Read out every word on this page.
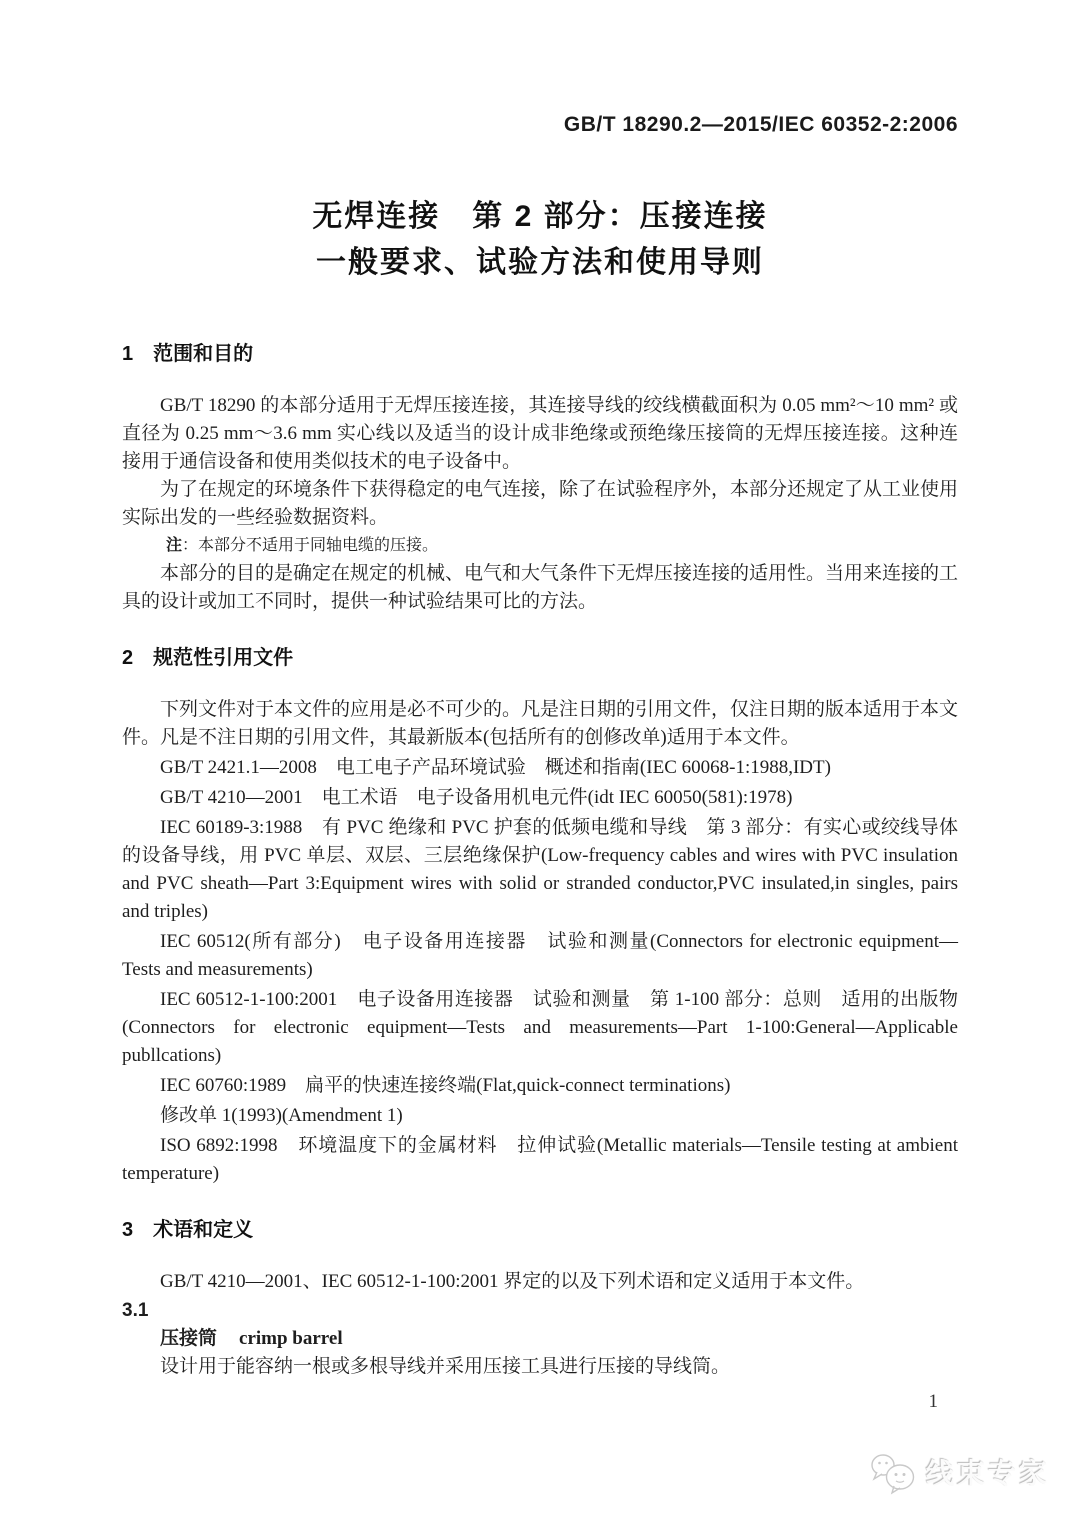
GB/T 18290.2—2015/IEC 60352-2:2006
无焊连接　第 2 部分：压接连接
一般要求、试验方法和使用导则
1 范围和目的

GB/T 18290 的本部分适用于无焊压接连接，其连接导线的绞线横截面积为 0.05 mm²～10 mm² 或直径为 0.25 mm～3.6 mm 实心线以及适当的设计成非绝缘或预绝缘压接筒的无焊压接连接。这种连接用于通信设备和使用类似技术的电子设备中。

为了在规定的环境条件下获得稳定的电气连接，除了在试验程序外，本部分还规定了从工业使用实际出发的一些经验数据资料。

注：本部分不适用于同轴电缆的压接。

本部分的目的是确定在规定的机械、电气和大气条件下无焊压接连接的适用性。当用来连接的工具的设计或加工不同时，提供一种试验结果可比的方法。

2 规范性引用文件

下列文件对于本文件的应用是必不可少的。凡是注日期的引用文件，仅注日期的版本适用于本文件。凡是不注日期的引用文件，其最新版本(包括所有的创修改单)适用于本文件。

GB/T 2421.1—2008　电工电子产品环境试验　概述和指南(IEC 60068-1:1988,IDT)

GB/T 4210—2001　电工术语　电子设备用机电元件(idt IEC 60050(581):1978)

IEC 60189-3:1988　有 PVC 绝缘和 PVC 护套的低频电缆和导线　第 3 部分：有实心或绞线导体的设备导线，用 PVC 单层、双层、三层绝缘保护(Low-frequency cables and wires with PVC insulation and PVC sheath—Part 3:Equipment wires with solid or stranded conductor,PVC insulated,in singles, pairs and triples)

IEC 60512(所有部分)　电子设备用连接器　试验和测量(Connectors for electronic equipment—Tests and measurements)

IEC 60512-1-100:2001　电子设备用连接器　试验和测量　第 1-100 部分：总则　适用的出版物(Connectors for electronic equipment—Tests and measurements—Part 1-100:General—Applicable publlcations)

IEC 60760:1989　扁平的快速连接终端(Flat,quick-connect terminations)

修改单 1(1993)(Amendment 1)

ISO 6892:1998　环境温度下的金属材料　拉伸试验(Metallic materials—Tensile testing at ambient temperature)

3 术语和定义

GB/T 4210—2001、IEC 60512-1-100:2001 界定的以及下列术语和定义适用于本文件。

3.1

压接筒 crimp barrel

设计用于能容纳一根或多根导线并采用压接工具进行压接的导线筒。

1
线束专家
